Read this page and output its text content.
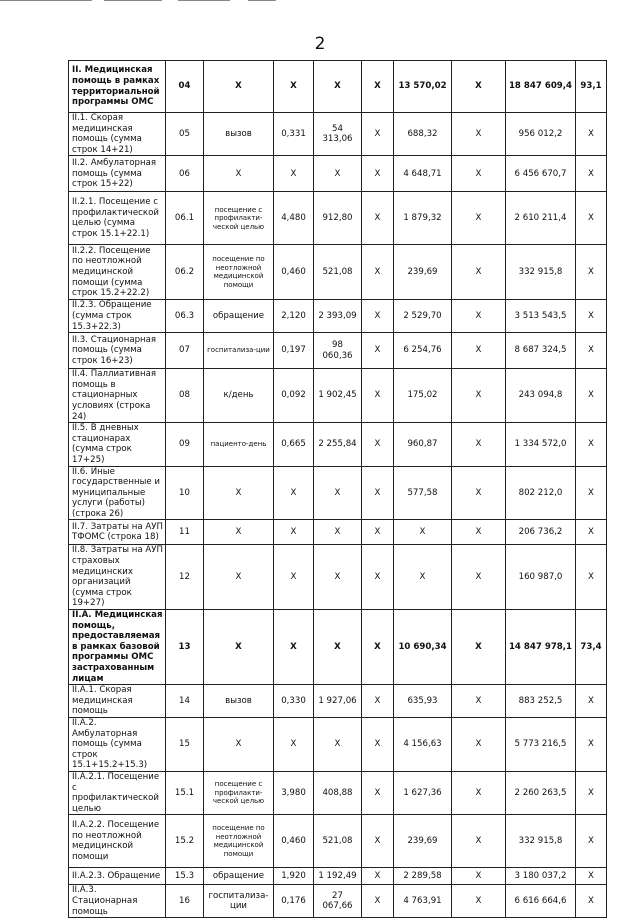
2
II. Медицинская помощь в рамках территориальной программы ОМС	04	X	X	X	X	13 570,02	X	18 847 609,4	93,1
II.1. Скорая медицинская помощь (сумма строк 14+21)	05	вызов	0,331	54 313,06	X	688,32	X	956 012,2	X
II.2. Амбулаторная помощь (сумма строк 15+22)	06	X	X	X	X	4 648,71	X	6 456 670,7	X
II.2.1. Посещение с профилактической целью (сумма строк 15.1+22.1)	06.1	посещение с профилакти-ческой целью	4,480	912,80	X	1 879,32	X	2 610 211,4	X
II.2.2. Посещение по неотложной медицинской помощи (сумма строк 15.2+22.2)	06.2	посещение по неотложной медицинской помощи	0,460	521,08	X	239,69	X	332 915,8	X
II.2.3. Обращение (сумма строк 15.3+22.3)	06.3	обращение	2,120	2 393,09	X	2 529,70	X	3 513 543,5	X
II.3. Стационарная помощь (сумма строк 16+23)	07	госпитализа-ции	0,197	98 060,36	X	6 254,76	X	8 687 324,5	X
II.4. Паллиативная помощь в стационарных условиях (строка 24)	08	к/день	0,092	1 902,45	X	175,02	X	243 094,8	X
II.5. В дневных стационарах (сумма строк 17+25)	09	пациенто-день	0,665	2 255,84	X	960,87	X	1 334 572,0	X
II.6. Иные государственные и муниципальные услуги (работы) (строка 26)	10	X	X	X	X	577,58	X	802 212,0	X
II.7. Затраты на АУП ТФОМС (строка 18)	11	X	X	X	X	X	X	206 736,2	X
II.8. Затраты на АУП страховых медицинских организаций (сумма строк 19+27)	12	X	X	X	X	X	X	160 987,0	X
II.А. Медицинская помощь, предоставляемая в рамках базовой программы ОМС застрахованным лицам	13	X	X	X	X	10 690,34	X	14 847 978,1	73,4
II.А.1. Скорая медицинская помощь	14	вызов	0,330	1 927,06	X	635,93	X	883 252,5	X
II.А.2. Амбулаторная помощь (сумма строк 15.1+15.2+15.3)	15	X	X	X	X	4 156,63	X	5 773 216,5	X
II.А.2.1. Посещение с профилактической целью	15.1	посещение с профилакти-ческой целью	3,980	408,88	X	1 627,36	X	2 260 263,5	X
II.А.2.2. Посещение по неотложной медицинской помощи	15.2	посещение по неотложной медицинской помощи	0,460	521,08	X	239,69	X	332 915,8	X
II.А.2.3. Обращение	15.3	обращение	1,920	1 192,49	X	2 289,58	X	3 180 037,2	X
II.А.3. Стационарная помощь	16	госпитализа-ции	0,176	27 067,66	X	4 763,91	X	6 616 664,6	X
